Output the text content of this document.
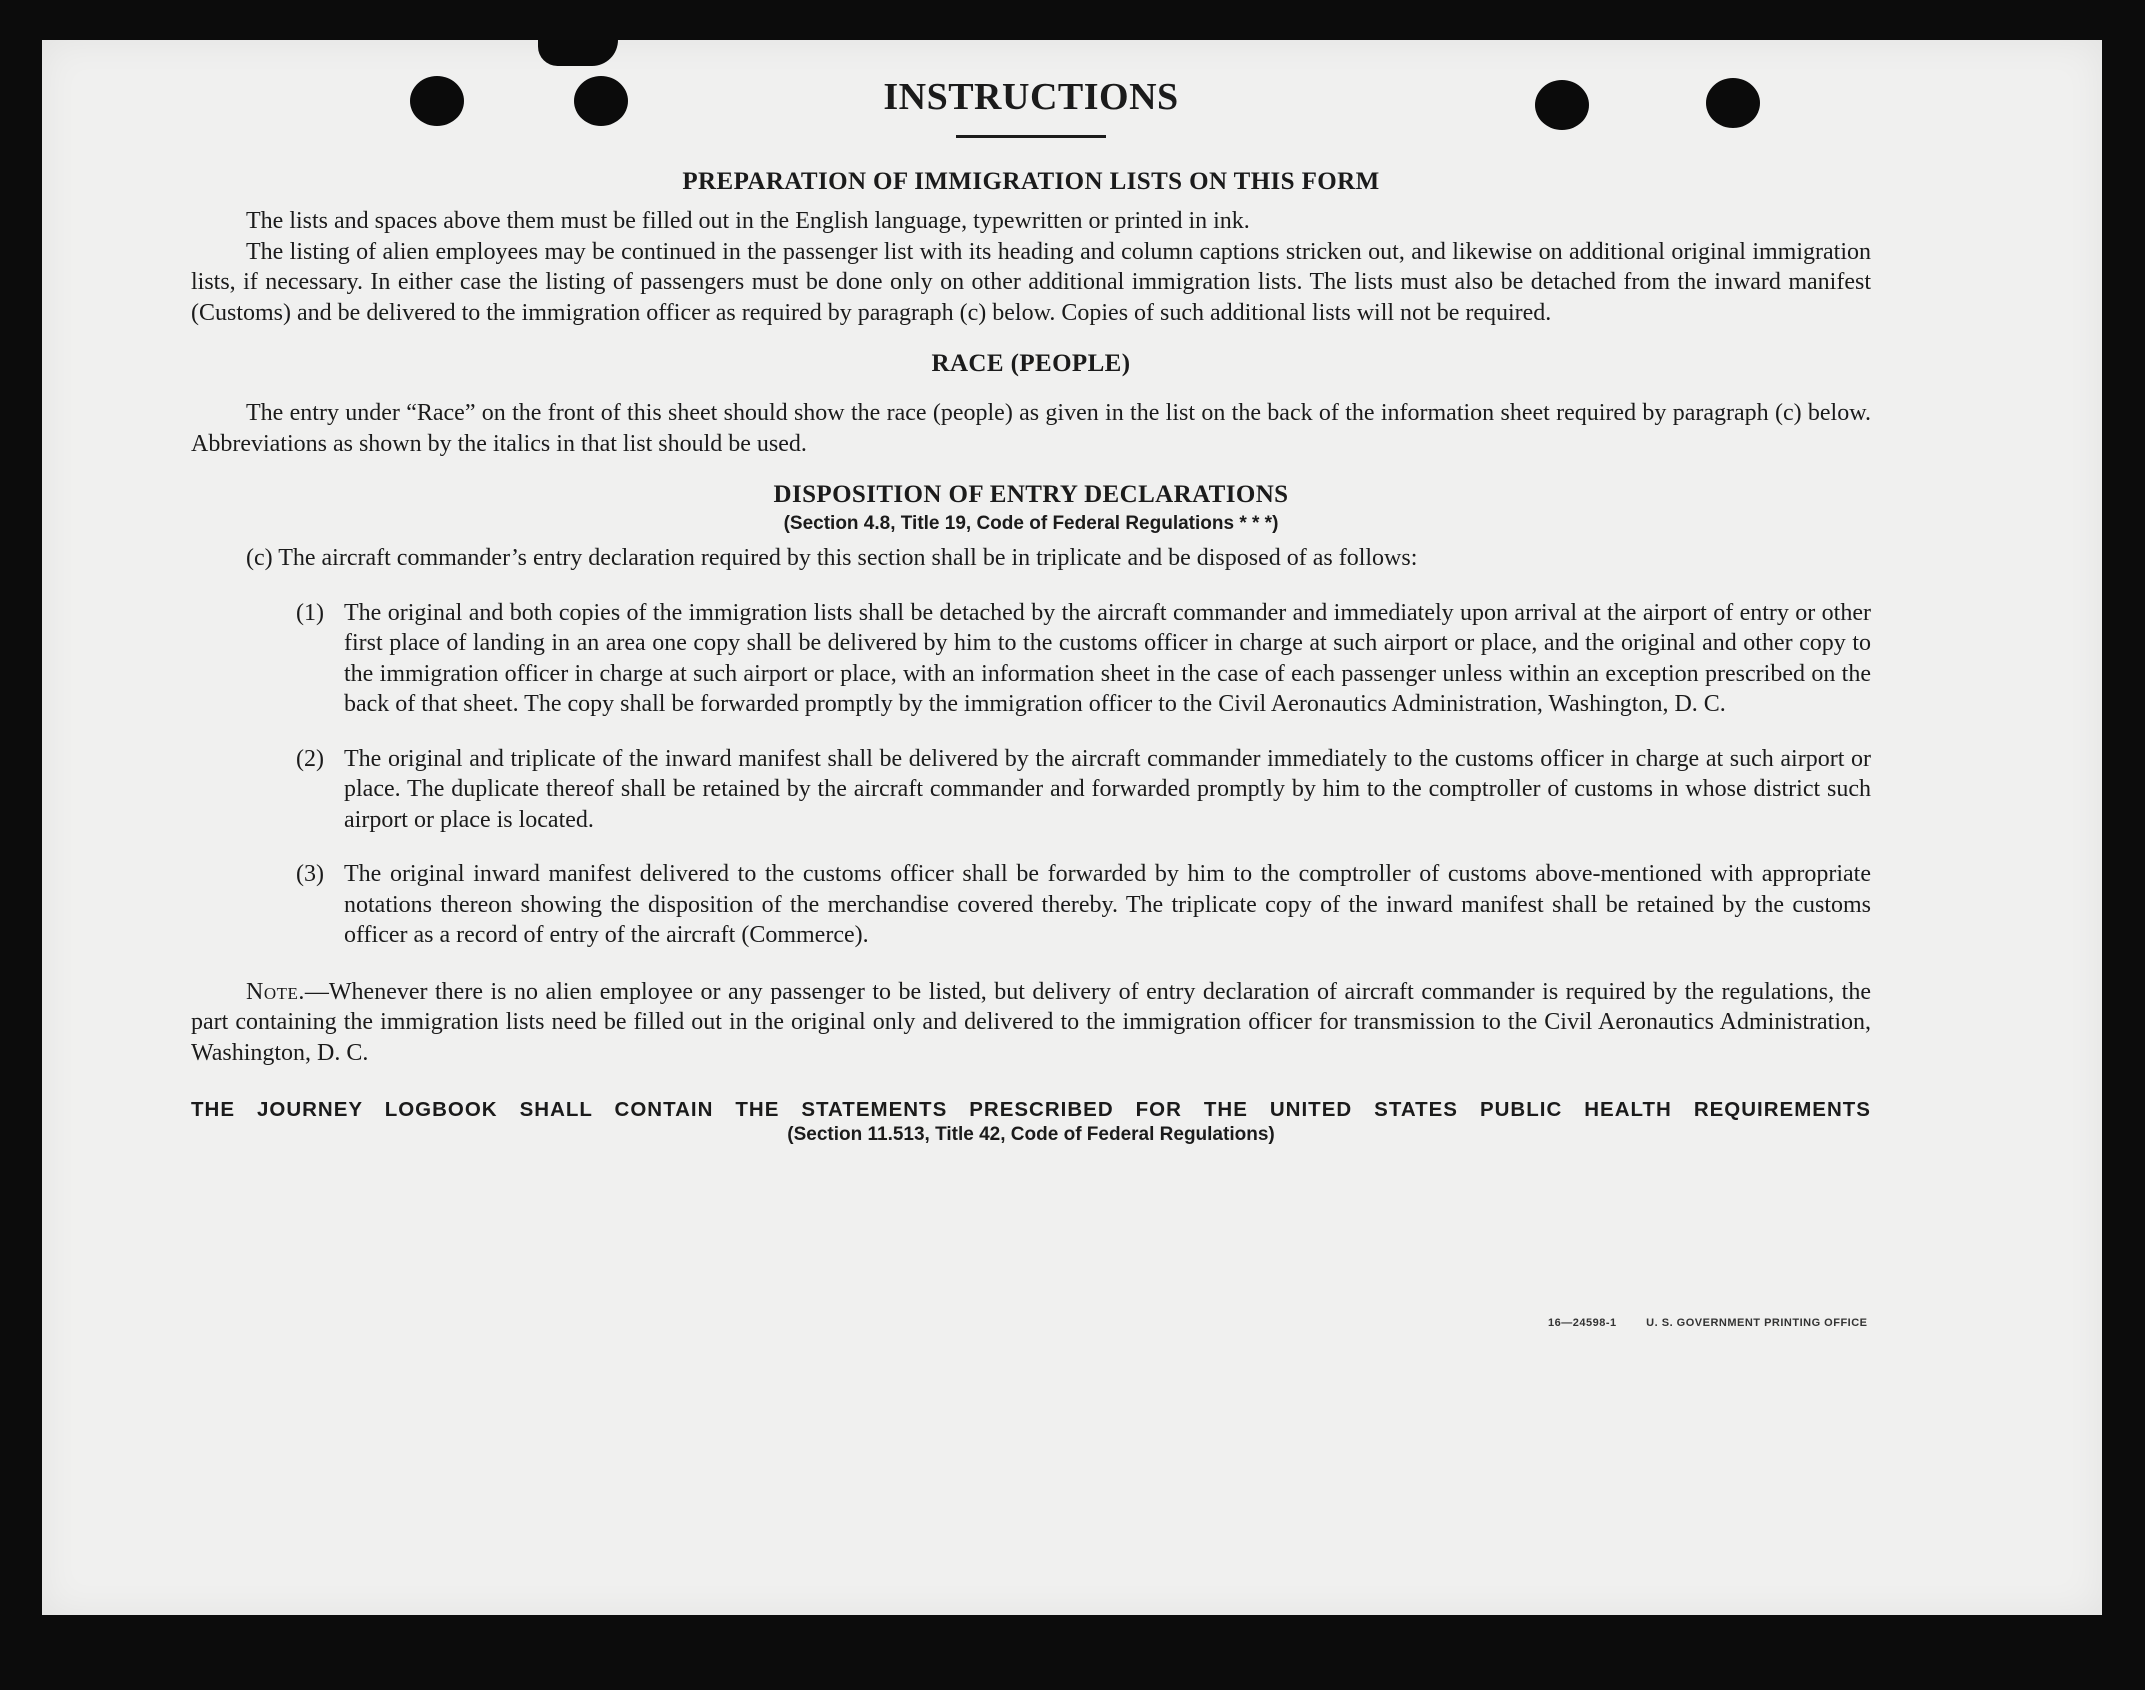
INSTRUCTIONS
PREPARATION OF IMMIGRATION LISTS ON THIS FORM

The lists and spaces above them must be filled out in the English language, typewritten or printed in ink.

The listing of alien employees may be continued in the passenger list with its heading and column captions stricken out, and likewise on additional original immigration lists, if necessary. In either case the listing of passengers must be done only on other additional immigration lists. The lists must also be detached from the inward manifest (Customs) and be delivered to the immigration officer as required by paragraph (c) below. Copies of such additional lists will not be required.

RACE (PEOPLE)

The entry under “Race” on the front of this sheet should show the race (people) as given in the list on the back of the information sheet required by paragraph (c) below. Abbreviations as shown by the italics in that list should be used.

DISPOSITION OF ENTRY DECLARATIONS
(Section 4.8, Title 19, Code of Federal Regulations * * *)

(c) The aircraft commander’s entry declaration required by this section shall be in triplicate and be disposed of as follows:

(1) The original and both copies of the immigration lists shall be detached by the aircraft commander and immediately upon arrival at the airport of entry or other first place of landing in an area one copy shall be delivered by him to the customs officer in charge at such airport or place, and the original and other copy to the immigration officer in charge at such airport or place, with an information sheet in the case of each passenger unless within an exception prescribed on the back of that sheet. The copy shall be forwarded promptly by the immigration officer to the Civil Aeronautics Administration, Washington, D. C.
(2) The original and triplicate of the inward manifest shall be delivered by the aircraft commander immediately to the customs officer in charge at such airport or place. The duplicate thereof shall be retained by the aircraft commander and forwarded promptly by him to the comptroller of customs in whose district such airport or place is located.
(3) The original inward manifest delivered to the customs officer shall be forwarded by him to the comptroller of customs above-mentioned with appropriate notations thereon showing the disposition of the merchandise covered thereby. The triplicate copy of the inward manifest shall be retained by the customs officer as a record of entry of the aircraft (Commerce).

Note.—Whenever there is no alien employee or any passenger to be listed, but delivery of entry declaration of aircraft commander is required by the regulations, the part containing the immigration lists need be filled out in the original only and delivered to the immigration officer for transmission to the Civil Aeronautics Administration, Washington, D. C.

THE JOURNEY LOGBOOK SHALL CONTAIN THE STATEMENTS PRESCRIBED FOR THE UNITED STATES PUBLIC HEALTH REQUIREMENTS
(Section 11.513, Title 42, Code of Federal Regulations)
16—24598-1	U. S. GOVERNMENT PRINTING OFFICE
